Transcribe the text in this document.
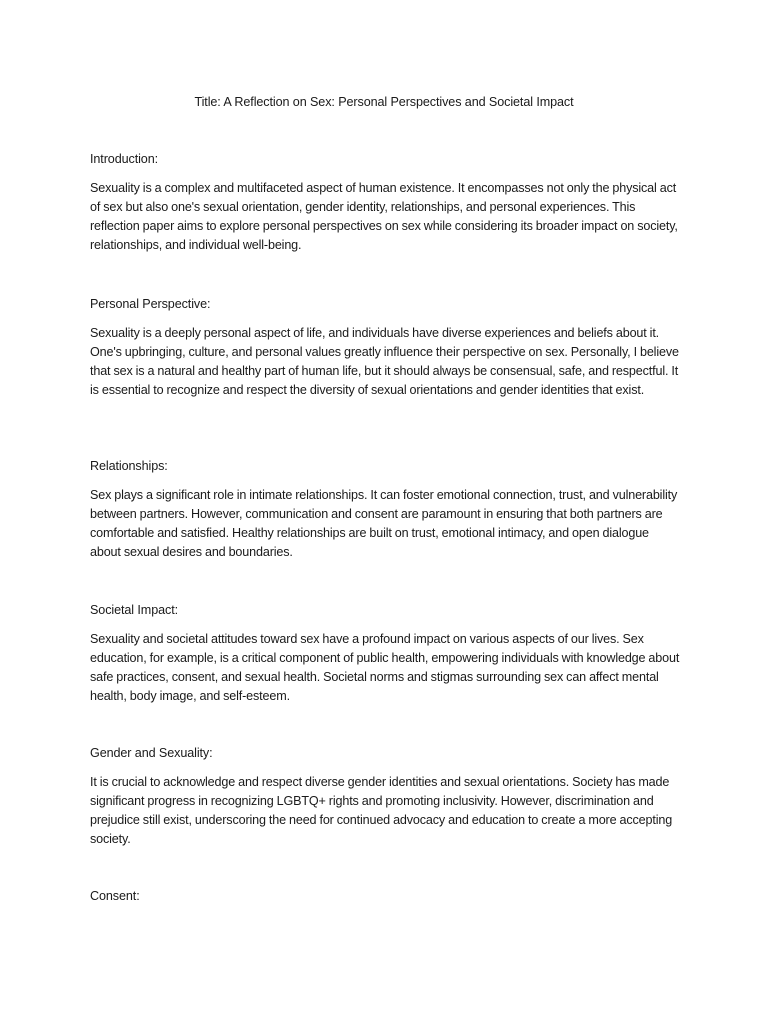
Title: A Reflection on Sex: Personal Perspectives and Societal Impact

Introduction:

Sexuality is a complex and multifaceted aspect of human existence. It encompasses not only the physical act of sex but also one's sexual orientation, gender identity, relationships, and personal experiences. This reflection paper aims to explore personal perspectives on sex while considering its broader impact on society, relationships, and individual well-being.

Personal Perspective:

Sexuality is a deeply personal aspect of life, and individuals have diverse experiences and beliefs about it. One's upbringing, culture, and personal values greatly influence their perspective on sex. Personally, I believe that sex is a natural and healthy part of human life, but it should always be consensual, safe, and respectful. It is essential to recognize and respect the diversity of sexual orientations and gender identities that exist.

Relationships:

Sex plays a significant role in intimate relationships. It can foster emotional connection, trust, and vulnerability between partners. However, communication and consent are paramount in ensuring that both partners are comfortable and satisfied. Healthy relationships are built on trust, emotional intimacy, and open dialogue about sexual desires and boundaries.

Societal Impact:

Sexuality and societal attitudes toward sex have a profound impact on various aspects of our lives. Sex education, for example, is a critical component of public health, empowering individuals with knowledge about safe practices, consent, and sexual health. Societal norms and stigmas surrounding sex can affect mental health, body image, and self-esteem.

Gender and Sexuality:

It is crucial to acknowledge and respect diverse gender identities and sexual orientations. Society has made significant progress in recognizing LGBTQ+ rights and promoting inclusivity. However, discrimination and prejudice still exist, underscoring the need for continued advocacy and education to create a more accepting society.

Consent:
